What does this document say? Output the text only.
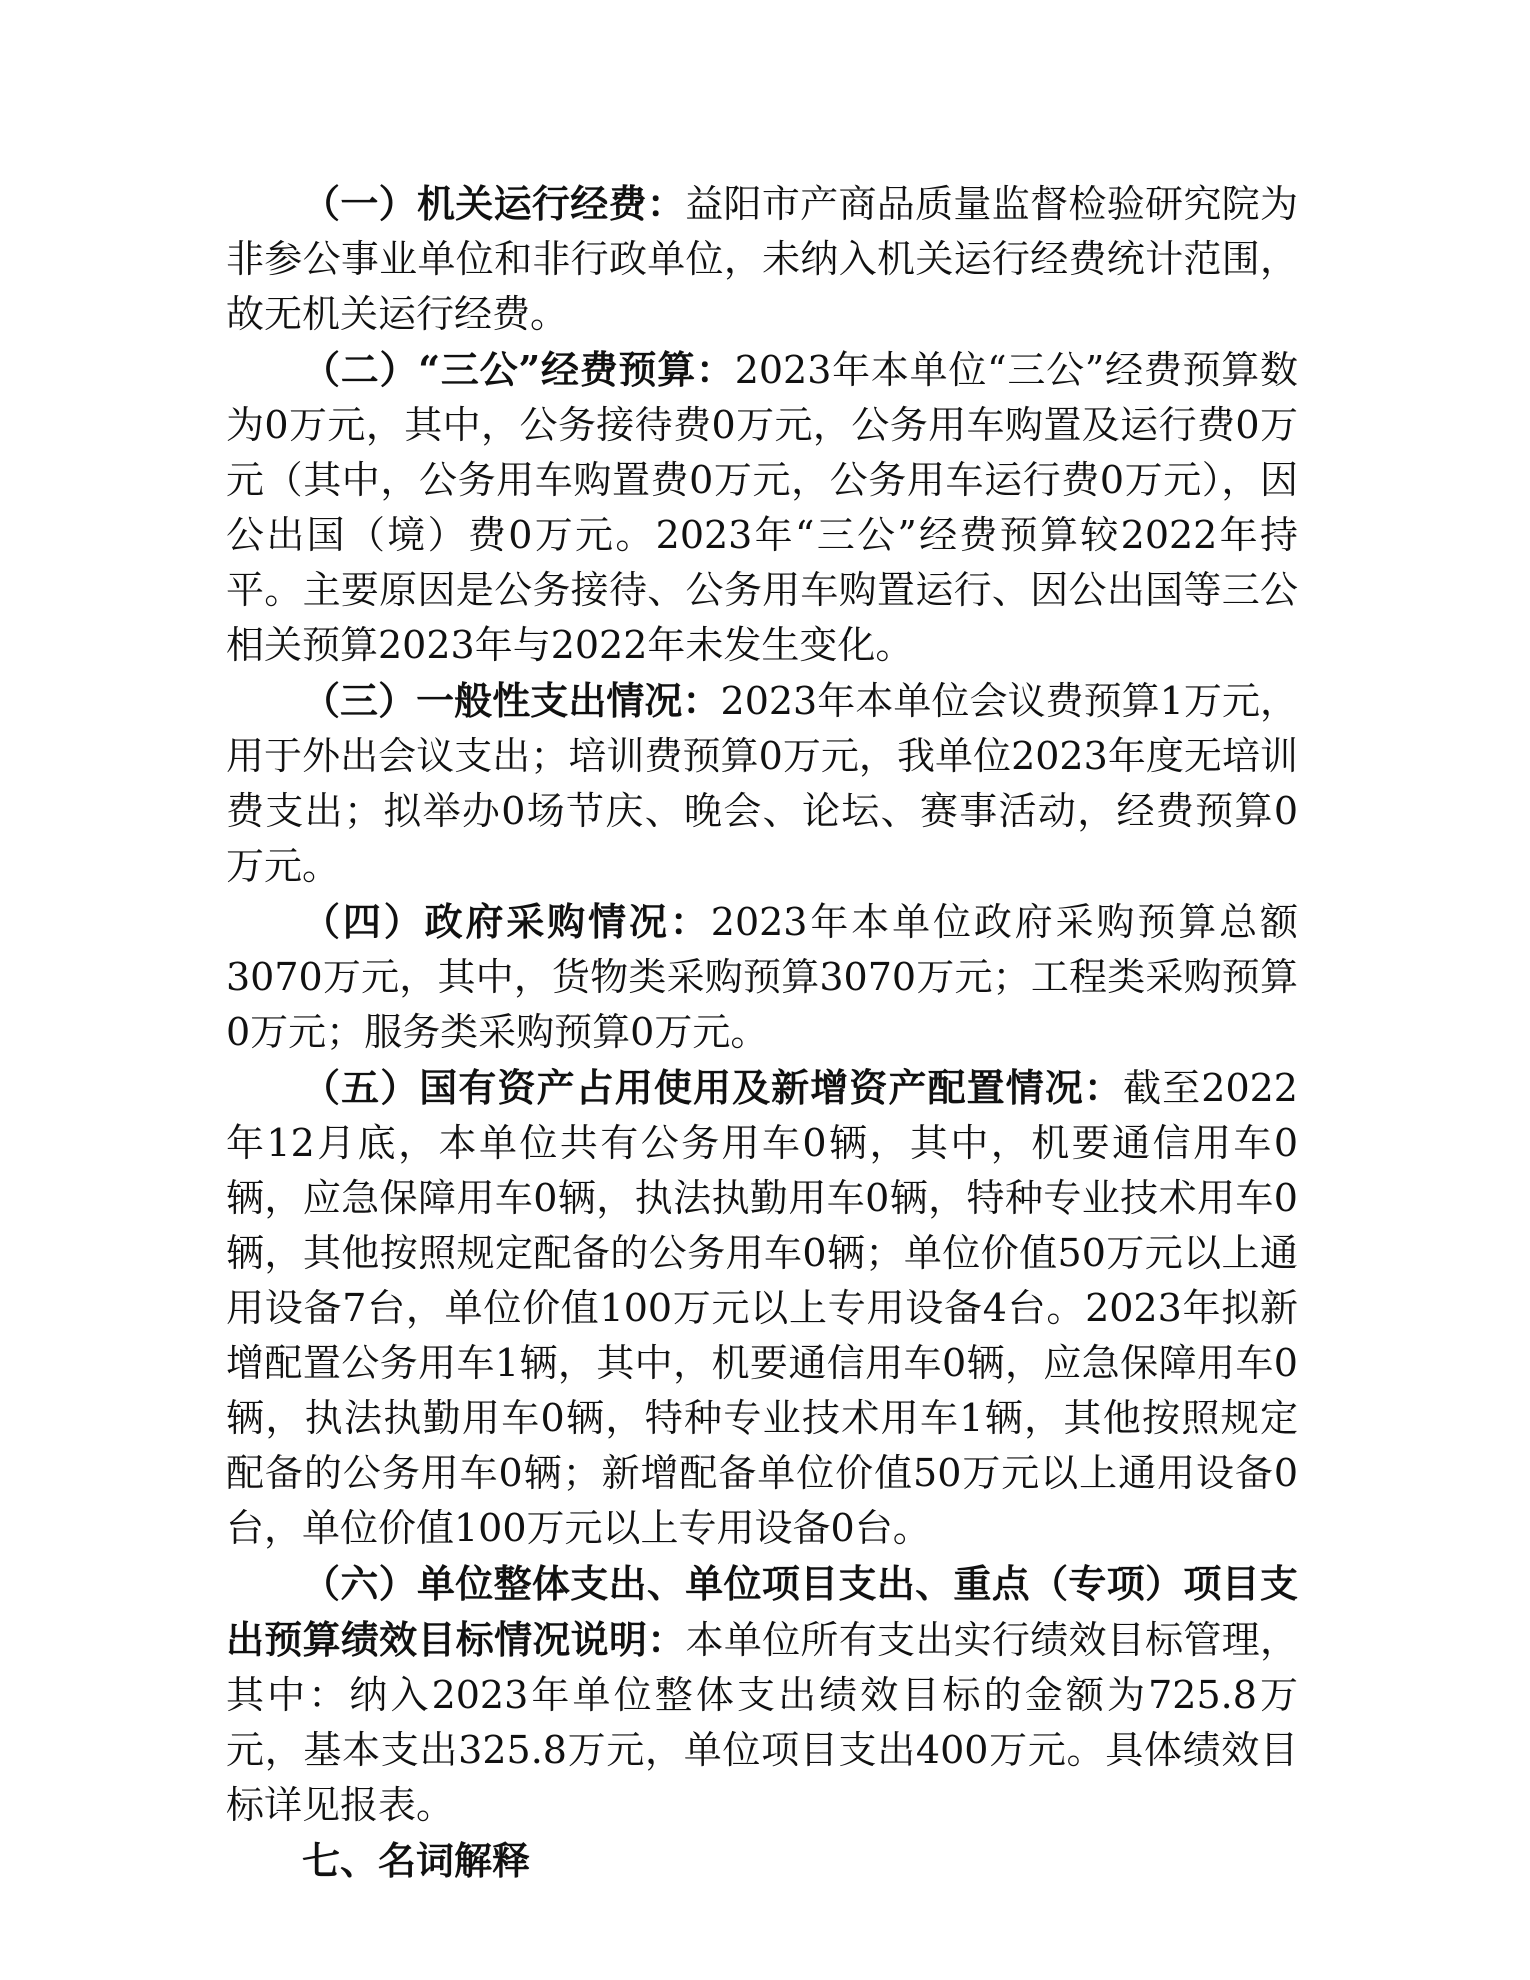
（一）机关运行经费：益阳市产商品质量监督检验研究院为非参公事业单位和非行政单位，未纳入机关运行经费统计范围，故无机关运行经费。

（二）“三公”经费预算：2023年本单位“三公”经费预算数为0万元，其中，公务接待费0万元，公务用车购置及运行费0万元（其中，公务用车购置费0万元，公务用车运行费0万元），因公出国（境）费0万元。2023年“三公”经费预算较2022年持平。主要原因是公务接待、公务用车购置运行、因公出国等三公相关预算2023年与2022年未发生变化。

（三）一般性支出情况：2023年本单位会议费预算1万元，用于外出会议支出；培训费预算0万元，我单位2023年度无培训费支出；拟举办0场节庆、晚会、论坛、赛事活动，经费预算0万元。

（四）政府采购情况：2023年本单位政府采购预算总额3070万元，其中，货物类采购预算3070万元；工程类采购预算0万元；服务类采购预算0万元。

（五）国有资产占用使用及新增资产配置情况：截至2022年12月底，本单位共有公务用车0辆，其中，机要通信用车0辆，应急保障用车0辆，执法执勤用车0辆，特种专业技术用车0辆，其他按照规定配备的公务用车0辆；单位价值50万元以上通用设备7台，单位价值100万元以上专用设备4台。2023年拟新增配置公务用车1辆，其中，机要通信用车0辆，应急保障用车0辆，执法执勤用车0辆，特种专业技术用车1辆，其他按照规定配备的公务用车0辆；新增配备单位价值50万元以上通用设备0台，单位价值100万元以上专用设备0台。

（六）单位整体支出、单位项目支出、重点（专项）项目支出预算绩效目标情况说明：本单位所有支出实行绩效目标管理，其中：纳入2023年单位整体支出绩效目标的金额为725.8万元，基本支出325.8万元，单位项目支出400万元。具体绩效目标详见报表。

七、名词解释
